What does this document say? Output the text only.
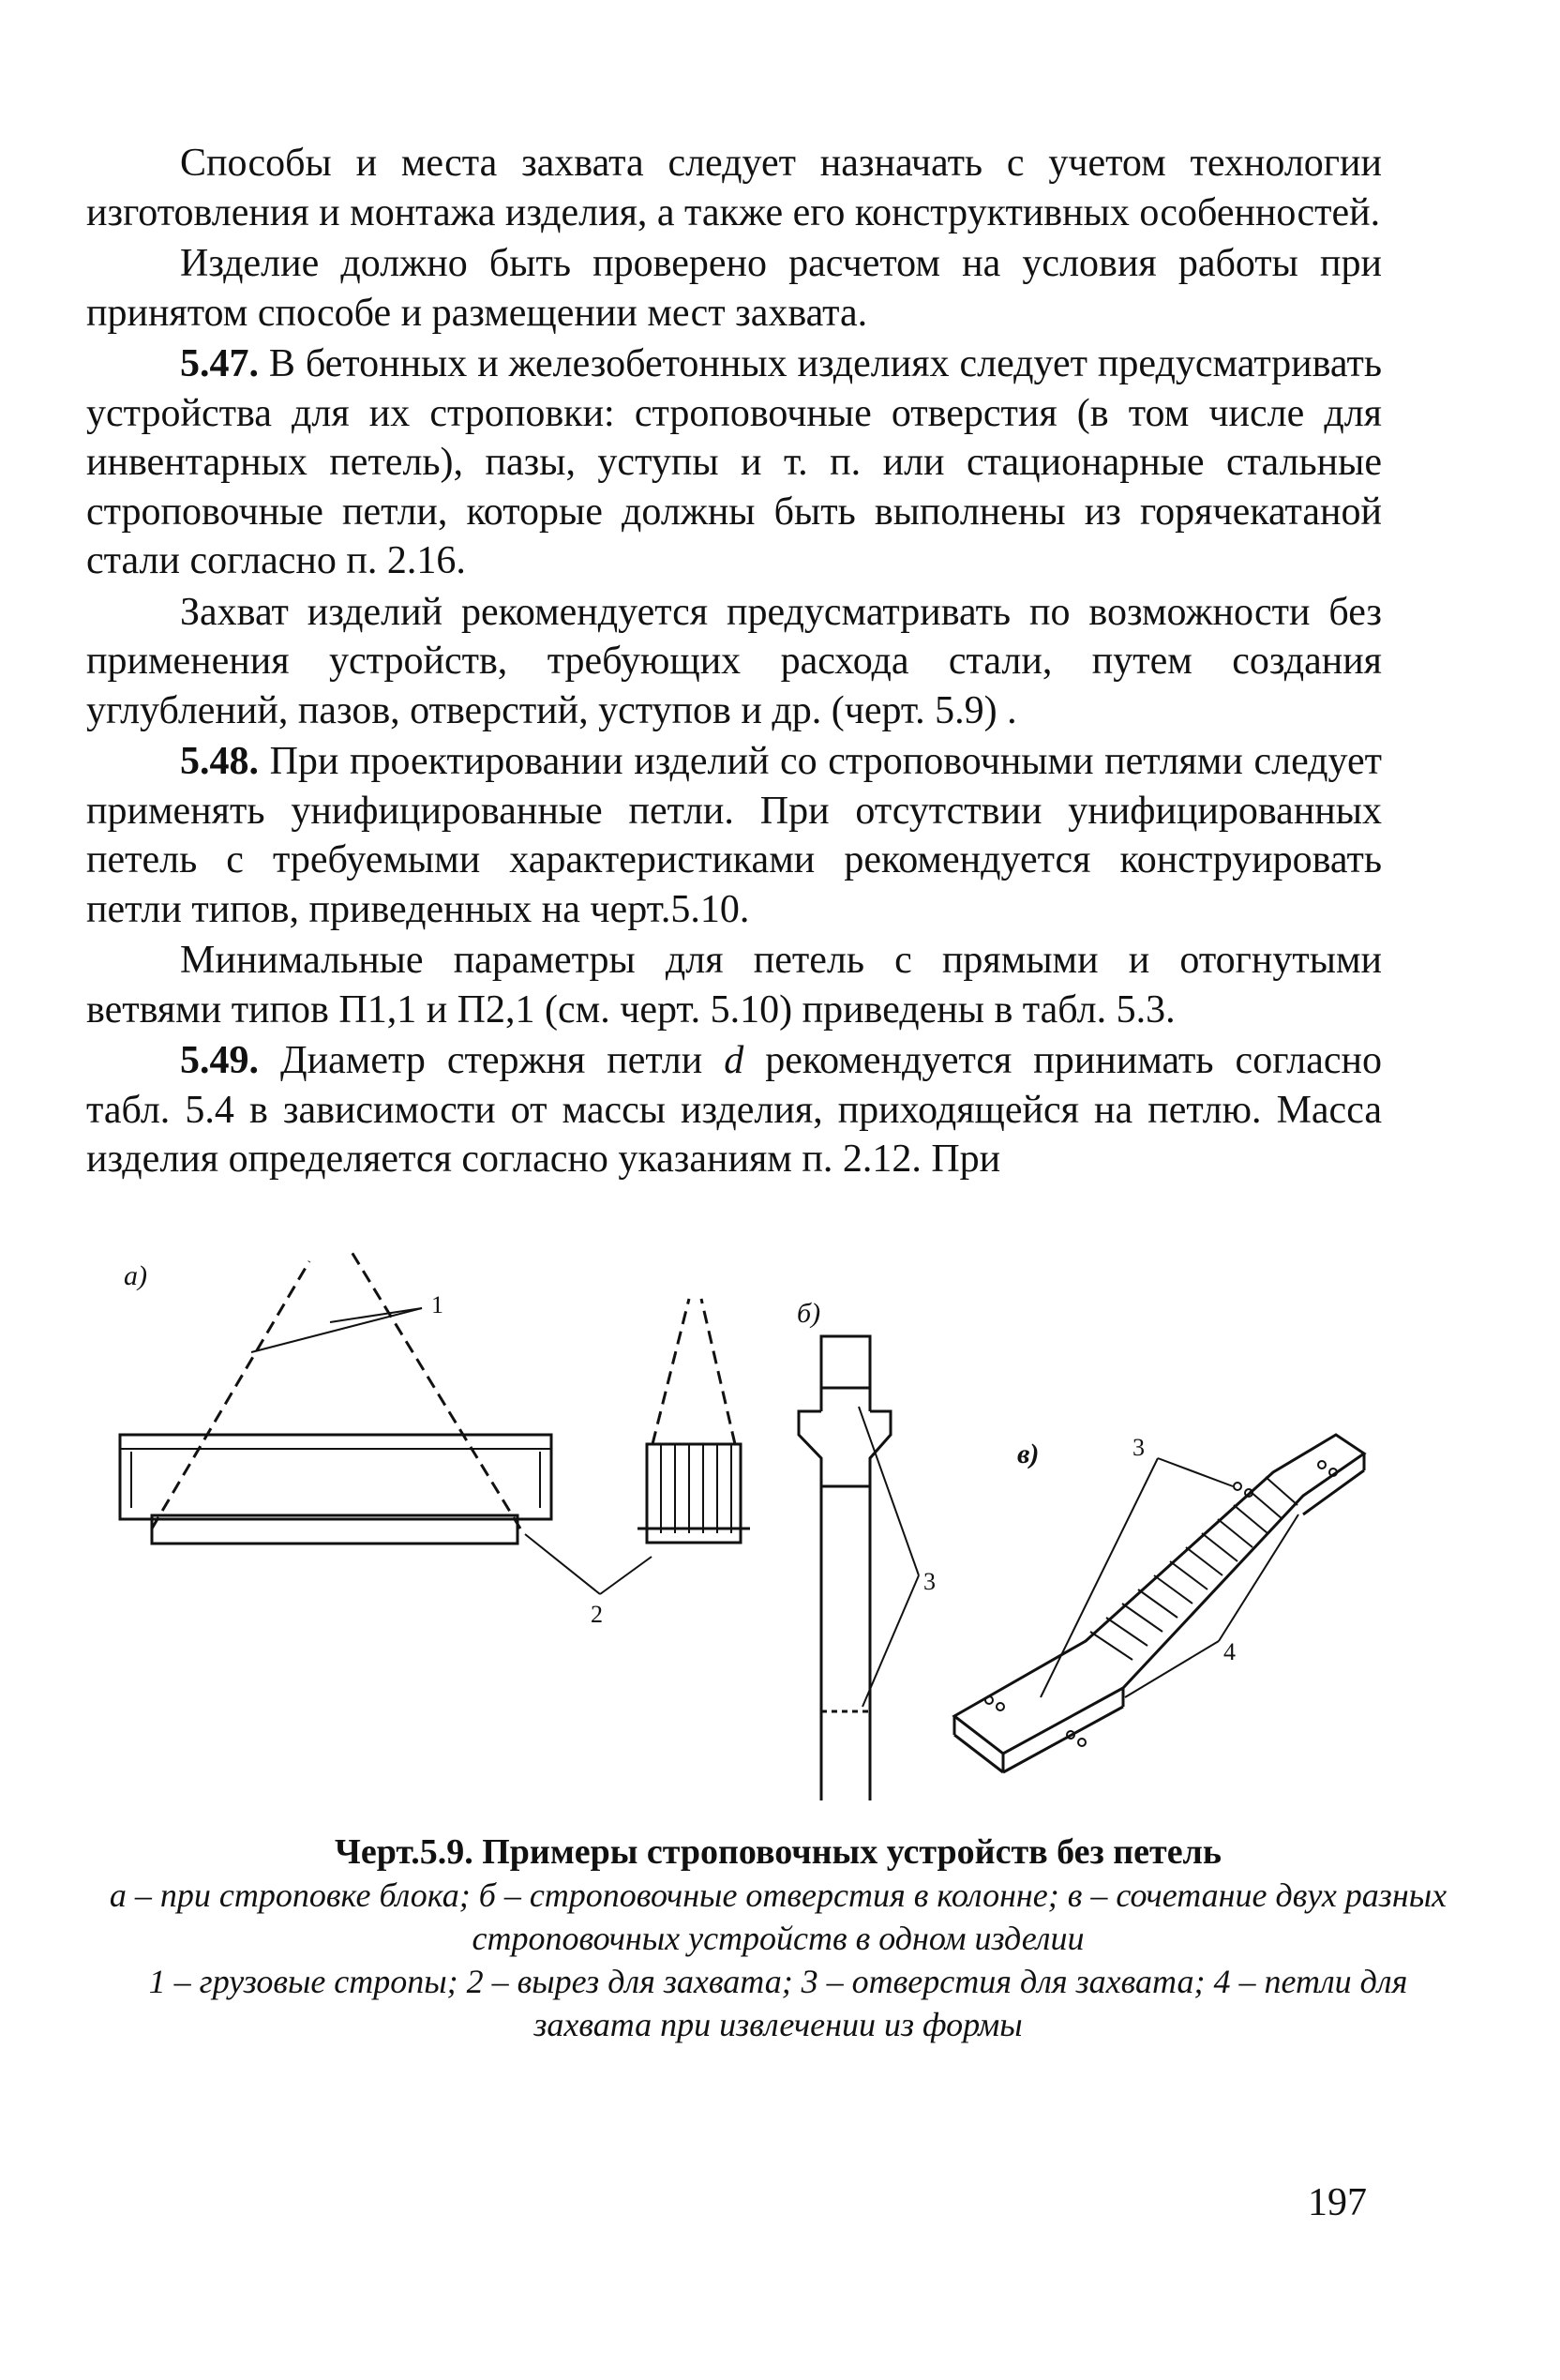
Способы и места захвата следует назначать с учетом технологии изготовления и монтажа изделия, а также его конструктивных особенностей.

Изделие должно быть проверено расчетом на условия работы при принятом способе и размещении мест захвата.

5.47. В бетонных и железобетонных изделиях следует предусматривать устройства для их строповки: строповочные отверстия (в том числе для инвентарных петель), пазы, уступы и т. п. или стационарные стальные строповочные петли, которые должны быть выполнены из горячекатаной стали согласно п. 2.16.

Захват изделий рекомендуется предусматривать по возможности без применения устройств, требующих расхода стали, путем создания углублений, пазов, отверстий, уступов и др. (черт. 5.9) .

5.48. При проектировании изделий со строповочными петлями следует применять унифицированные петли. При отсутствии унифицированных петель с требуемыми характеристиками рекомендуется конструировать петли типов, приведенных на черт.5.10.

Минимальные параметры для петель с прямыми и отогнутыми ветвями типов П1,1 и П2,1 (см. черт. 5.10) приведены в табл. 5.3.

5.49. Диаметр стержня петли d рекомендуется принимать согласно табл. 5.4 в зависимости от массы изделия, приходящейся на петлю. Масса изделия определяется согласно указаниям п. 2.12. При

а)
б)
в)
1
2
3
3
4
Черт.5.9. Примеры строповочных устройств без петель
а – при строповке блока; б – строповочные отверстия в колонне; в – сочетание двух разных строповочных устройств в одном изделии
1 – грузовые стропы; 2 – вырез для захвата; 3 – отверстия для захвата; 4 – петли для захвата при извлечении из формы
197
